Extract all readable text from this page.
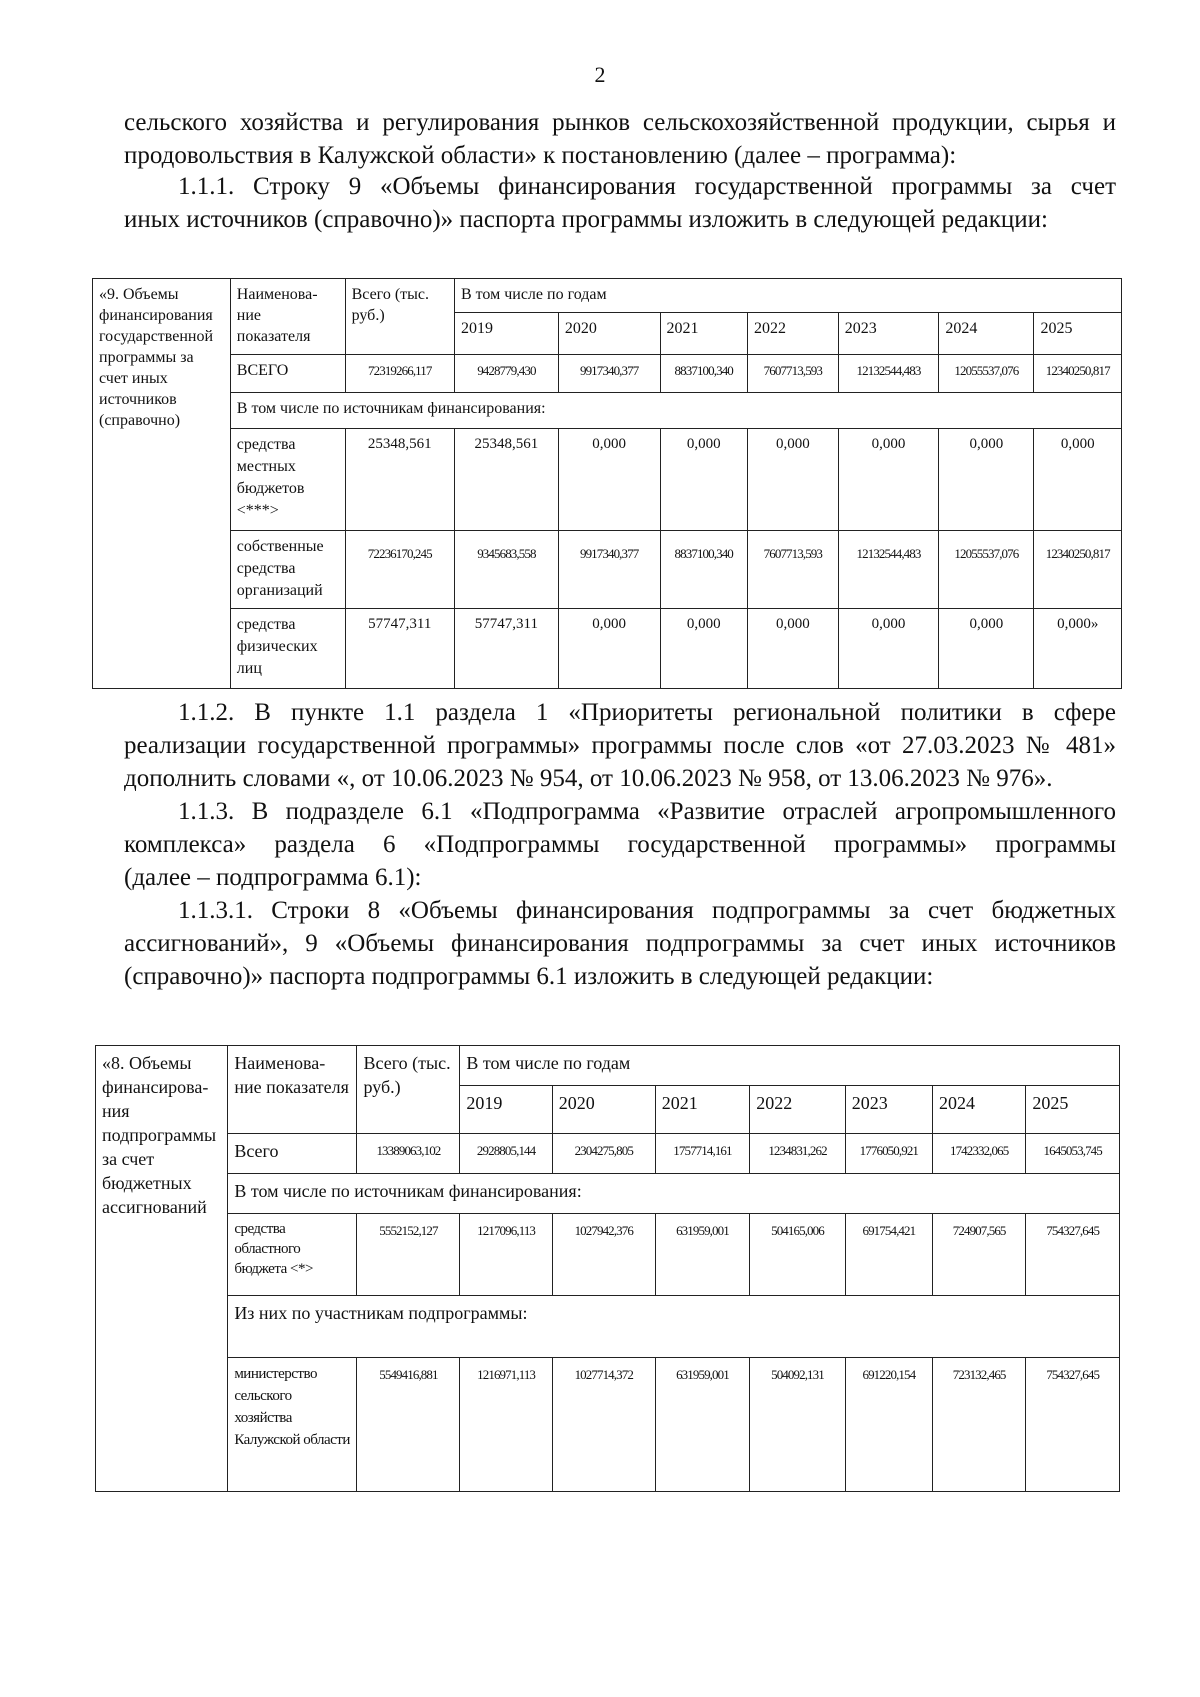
2

сельского хозяйства и регулирования рынков сельскохозяйственной продукции, сырья и

продовольствия в Калужской области» к постановлению (далее – программа):

1.1.1. Строку 9 «Объемы финансирования государственной программы за счет

иных источников (справочно)» паспорта программы изложить в следующей редакции:

«9. Объемы финансирования государственной программы за счет иных источников (справочно)	Наименова-ние показателя	Всего (тыс. руб.)	В том числе по годам						
			2019	2020	2021	2022	2023	2024	2025
	ВСЕГО	72319266,117	9428779,430	9917340,377	8837100,340	7607713,593	12132544,483	12055537,076	12340250,817
	В том числе по источникам финансирования:								
	средства местных бюджетов <***>	25348,561	25348,561	0,000	0,000	0,000	0,000	0,000	0,000
	собственные средства организаций	72236170,245	9345683,558	9917340,377	8837100,340	7607713,593	12132544,483	12055537,076	12340250,817
	средства физических лиц	57747,311	57747,311	0,000	0,000	0,000	0,000	0,000	0,000»

1.1.2. В пункте 1.1 раздела 1 «Приоритеты региональной политики в сфере

реализации государственной программы» программы после слов «от 27.03.2023 № 481»

дополнить словами «, от 10.06.2023 № 954, от 10.06.2023 № 958, от 13.06.2023 № 976».

1.1.3. В подразделе 6.1 «Подпрограмма «Развитие отраслей агропромышленного

комплекса» раздела 6 «Подпрограммы государственной программы» программы

(далее – подпрограмма 6.1):

1.1.3.1. Строки 8 «Объемы финансирования подпрограммы за счет бюджетных

ассигнований», 9 «Объемы финансирования подпрограммы за счет иных источников

(справочно)» паспорта подпрограммы 6.1 изложить в следующей редакции:

«8. Объемы финансирова-ния подпрограммы за счет бюджетных ассигнований	Наименова-ние показателя	Всего (тыс. руб.)	В том числе по годам						
			2019	2020	2021	2022	2023	2024	2025
	Всего	13389063,102	2928805,144	2304275,805	1757714,161	1234831,262	1776050,921	1742332,065	1645053,745
	В том числе по источникам финансирования:								
	средства областного бюджета <*>	5552152,127	1217096,113	1027942,376	631959,001	504165,006	691754,421	724907,565	754327,645
	Из них по участникам подпрограммы:								
	министерство сельского хозяйства Калужской области	5549416,881	1216971,113	1027714,372	631959,001	504092,131	691220,154	723132,465	754327,645
